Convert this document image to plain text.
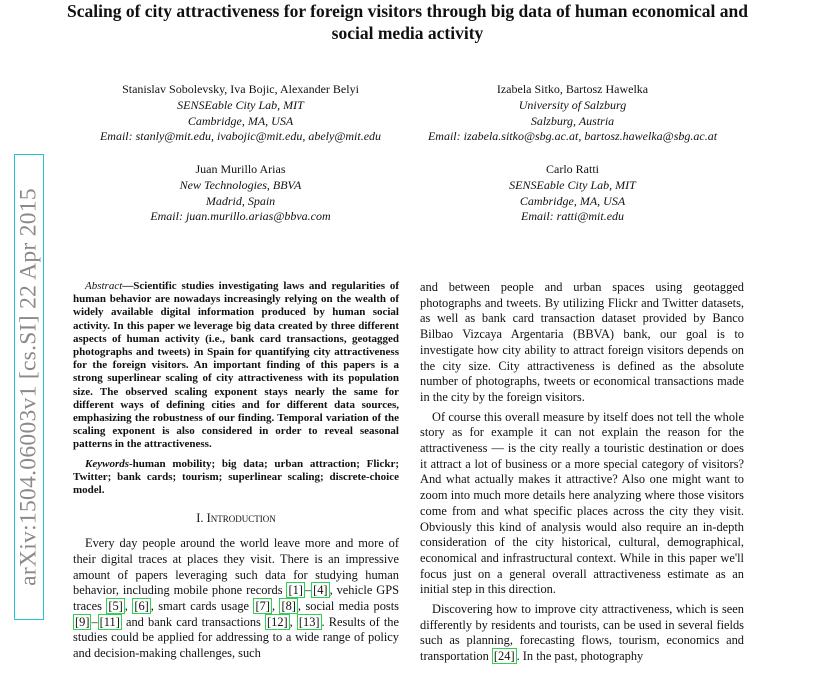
Scaling of city attractiveness for foreign visitors through big data of human economical and social media activity
Stanislav Sobolevsky, Iva Bojic, Alexander Belyi
SENSEable City Lab, MIT
Cambridge, MA, USA
Email: stanly@mit.edu, ivabojic@mit.edu, abely@mit.edu
Izabela Sitko, Bartosz Hawelka
University of Salzburg
Salzburg, Austria
Email: izabela.sitko@sbg.ac.at, bartosz.hawelka@sbg.ac.at
Juan Murillo Arias
New Technologies, BBVA
Madrid, Spain
Email: juan.murillo.arias@bbva.com
Carlo Ratti
SENSEable City Lab, MIT
Cambridge, MA, USA
Email: ratti@mit.edu
arXiv:1504.06003v1 [cs.SI] 22 Apr 2015	Abstract—Scientific studies investigating laws and regularities of human behavior are nowadays increasingly relying on the wealth of widely available digital information produced by human social activity. In this paper we leverage big data created by three different aspects of human activity (i.e., bank card transactions, geotagged photographs and tweets) in Spain for quantifying city attractiveness for the foreign visitors. An important finding of this papers is a strong superlinear scaling of city attractiveness with its population size. The observed scaling exponent stays nearly the same for different ways of defining cities and for different data sources, emphasizing the robustness of our finding. Temporal variation of the scaling exponent is also considered in order to reveal seasonal patterns in the attractiveness.

Keywords-human mobility; big data; urban attraction; Flickr; Twitter; bank cards; tourism; superlinear scaling; discrete-choice model.

I. Introduction

Every day people around the world leave more and more of their digital traces at places they visit. There is an impressive amount of papers leveraging such data for studying human behavior, including mobile phone records [1] – [4] , vehicle GPS traces [5] , [6] , smart cards usage [7] , [8] , social media posts [9] – [11] and bank card transactions [12] , [13] . Results of the studies could be applied for addressing to a wide range of policy and decision-making challenges, such

and between people and urban spaces using geotagged photographs and tweets. By utilizing Flickr and Twitter datasets, as well as bank card transaction dataset provided by Banco Bilbao Vizcaya Argentaria (BBVA) bank, our goal is to investigate how city ability to attract foreign visitors depends on the city size. City attractiveness is defined as the absolute number of photographs, tweets or economical transactions made in the city by the foreign visitors.

Of course this overall measure by itself does not tell the whole story as for example it can not explain the reason for the attractiveness — is the city really a touristic destination or does it attract a lot of business or a more special category of visitors? And what actually makes it attractive? Also one might want to zoom into much more details here analyzing where those visitors come from and what specific places across the city they visit. Obviously this kind of analysis would also require an in-depth consideration of the city historical, cultural, demographical, economical and infrastructural context. While in this paper we'll focus just on a general overall attractiveness estimate as an initial step in this direction.

Discovering how to improve city attractiveness, which is seen differently by residents and tourists, can be used in several fields such as planning, forecasting flows, tourism, economics and transportation [24] . In the past, photography
